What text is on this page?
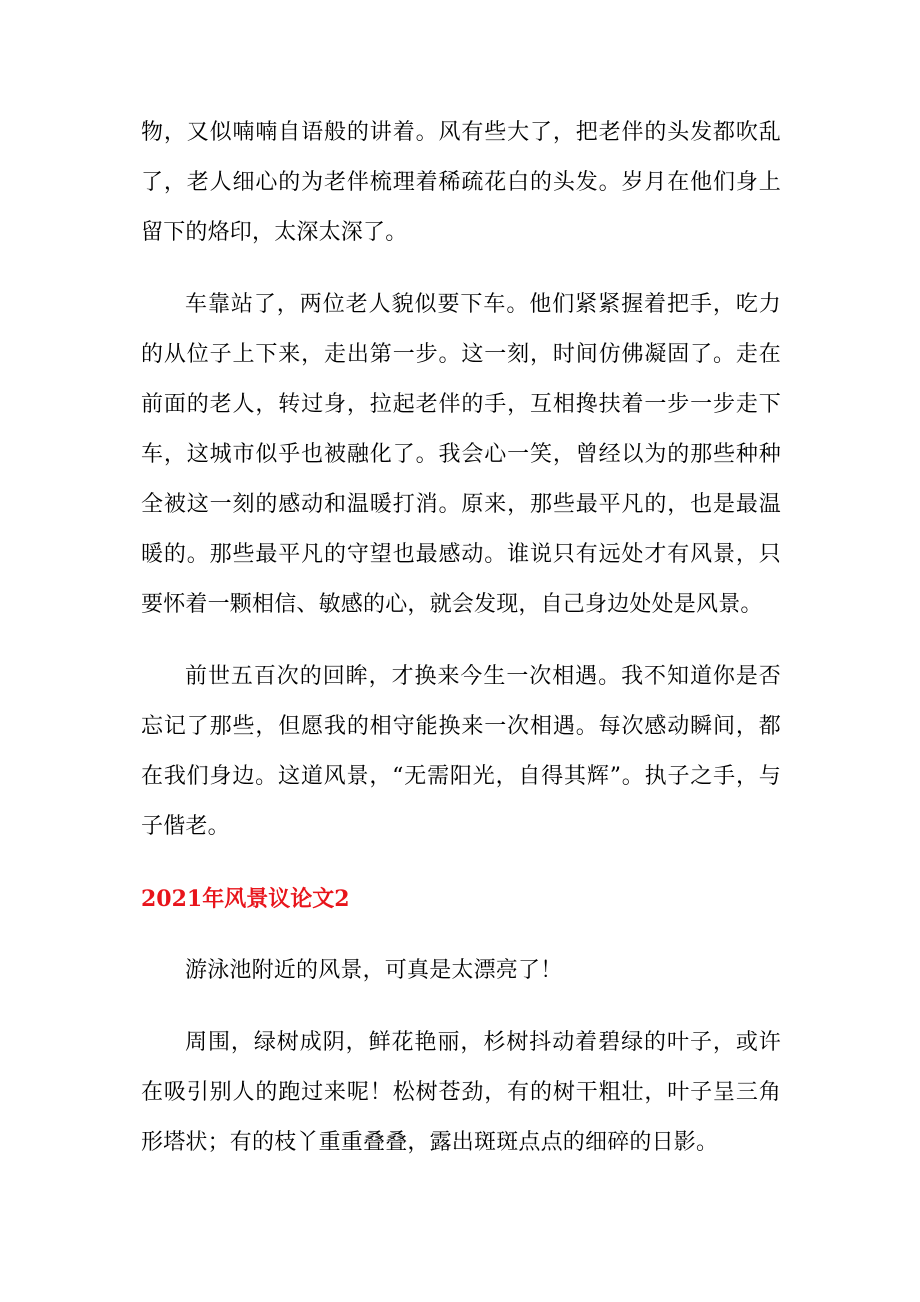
物，又似喃喃自语般的讲着。风有些大了，把老伴的头发都吹乱了，老人细心的为老伴梳理着稀疏花白的头发。岁月在他们身上留下的烙印，太深太深了。

车靠站了，两位老人貌似要下车。他们紧紧握着把手，吃力的从位子上下来，走出第一步。这一刻，时间仿佛凝固了。走在前面的老人，转过身，拉起老伴的手，互相搀扶着一步一步走下车，这城市似乎也被融化了。我会心一笑，曾经以为的那些种种全被这一刻的感动和温暖打消。原来，那些最平凡的，也是最温暖的。那些最平凡的守望也最感动。谁说只有远处才有风景，只要怀着一颗相信、敏感的心，就会发现，自己身边处处是风景。

前世五百次的回眸，才换来今生一次相遇。我不知道你是否忘记了那些，但愿我的相守能换来一次相遇。每次感动瞬间，都在我们身边。这道风景，“无需阳光，自得其辉”。执子之手，与子偕老。

2021年风景议论文2

游泳池附近的风景，可真是太漂亮了！

周围，绿树成阴，鲜花艳丽，杉树抖动着碧绿的叶子，或许在吸引别人的跑过来呢！松树苍劲，有的树干粗壮，叶子呈三角形塔状；有的枝丫重重叠叠，露出斑斑点点的细碎的日影。
